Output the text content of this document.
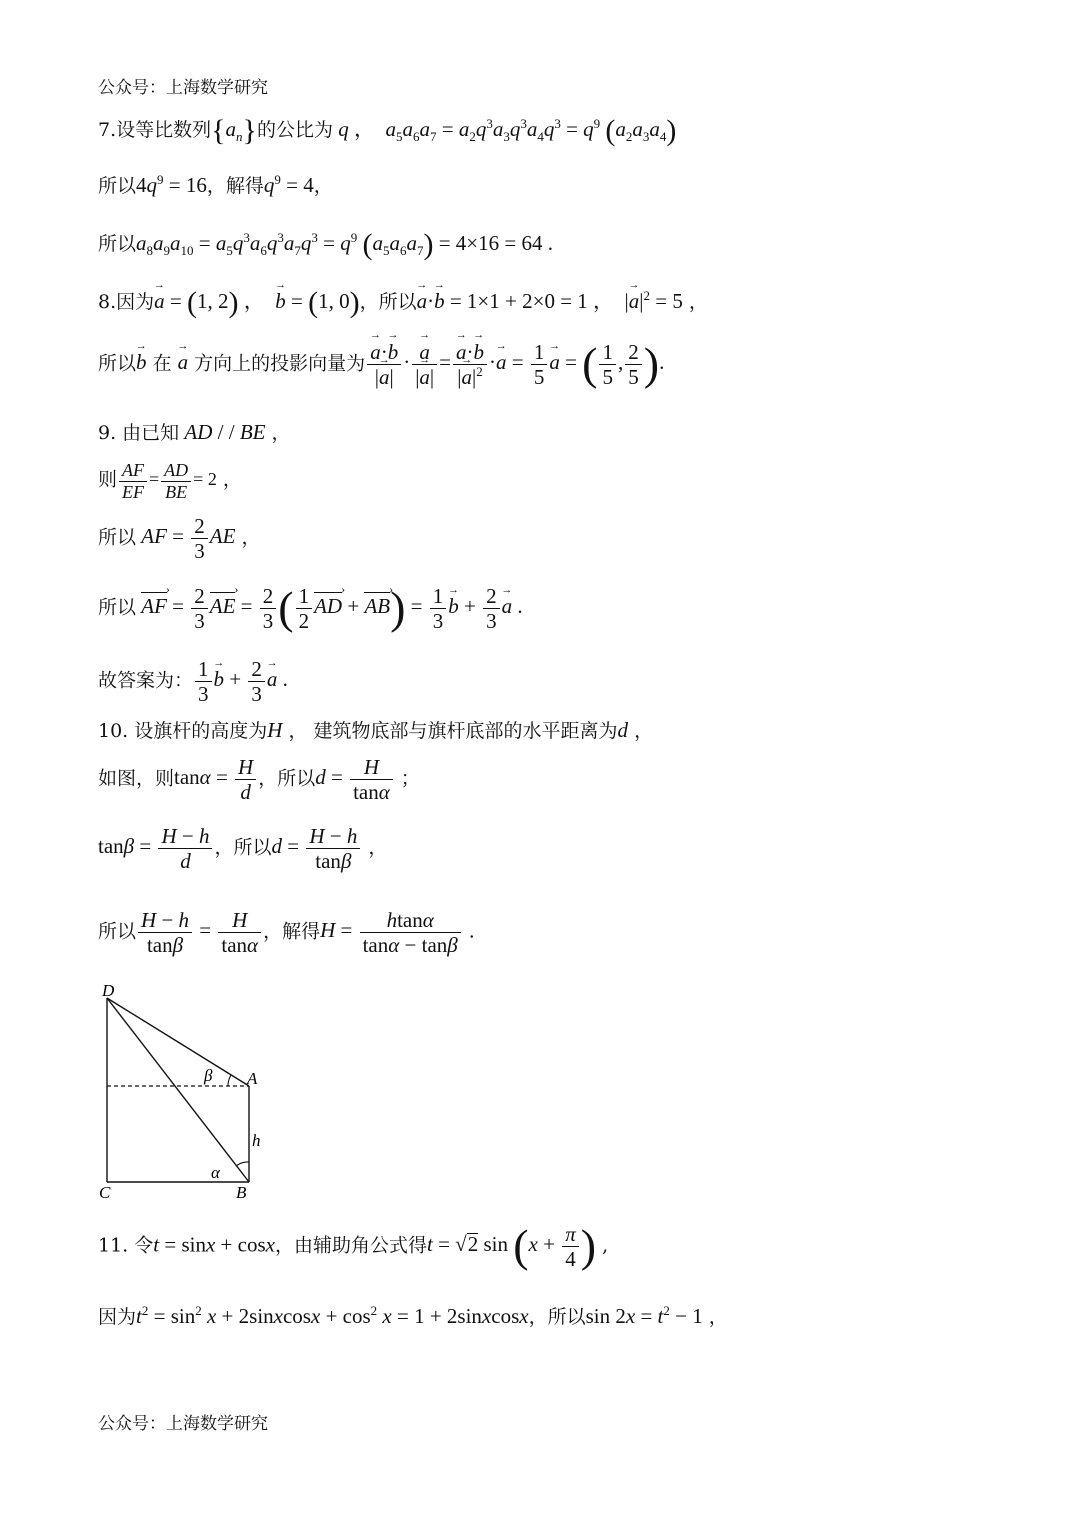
公众号：上海数学研究
7.设等比数列$\{a_n\}$的公比为 q ，  $a_5a_6a_7 = a_2q^3a_3q^3a_4q^3 = q^9$ $(a_2a_3a_4)$
所以$4q^9 = 16$，解得$q^9 = 4$，
所以$a_8a_9a_{10} = a_5q^3a_6q^3a_7q^3 = q^9$ $(a_5a_6a_7) = 4\times 16 = 64$ .
8.因为→ a = (1, 2) ，  → b = (1, 0)，所以→ a·→ b = 1×1 + 2×0 = 1 ，  |→ $a|^2 = 5$ ，
所以→ b 在 → a 方向上的投影向量为
→ $\frac{a\cdot\to b}{|\to a|}$ ·
→ $\frac{a}{|\to a|}$ =
→ $\frac{a\cdot\to b}{|\to a|^2} \cdot\to a = \frac{1}{5}$
→ a = ( $\frac{1}{5}$ , $\frac{2}{5}$ ).
9. 由已知 AD / / BE ，
则 $\frac{AF}{EF} = \frac{AD}{BE} = 2$ ，
所以 AF = $\frac{2}{3}$ AE ，
所以 AF › = $\frac{2}{3}$ AE › = $\frac{2}{3}$ ( $\frac{1}{2}$ AD › + AB ›) = $\frac{1}{3}$
→ $b + \frac{2}{3}$
→ a .
故答案为： $\frac{1}{3}$
→ $b + \frac{2}{3}$
→ a .
10. 设旗杆的高度为H ， 建筑物底部与旗杆底部的水平距离为d ，
如图，则$\tan\alpha = \frac{H}{d}$ ，所以$d = \frac{H}{\tan\alpha}$ ；
$\tan\beta = \frac{H - h}{d}$ ，所以$d = \frac{H - h}{\tan\beta}$ ，
所以 $\frac{H - h}{\tan\beta} = \frac{H}{\tan\alpha}$ ，解得$H = \frac{htan\alpha}{\tan\alpha - \tan\beta}$ .
D
A
C	B
h
α
β
11. 令t = sinx + cosx，由辅助角公式得t = √2 $\sin (x + \frac{\pi}{4}$ ) ,
因为$t^2 = \sin^2 x$ + 2sinxcosx + $\cos^2 x = 1$ + 2sinxcosx，所以$\sin 2x = t^2 - 1$ ，
公众号：上海数学研究
